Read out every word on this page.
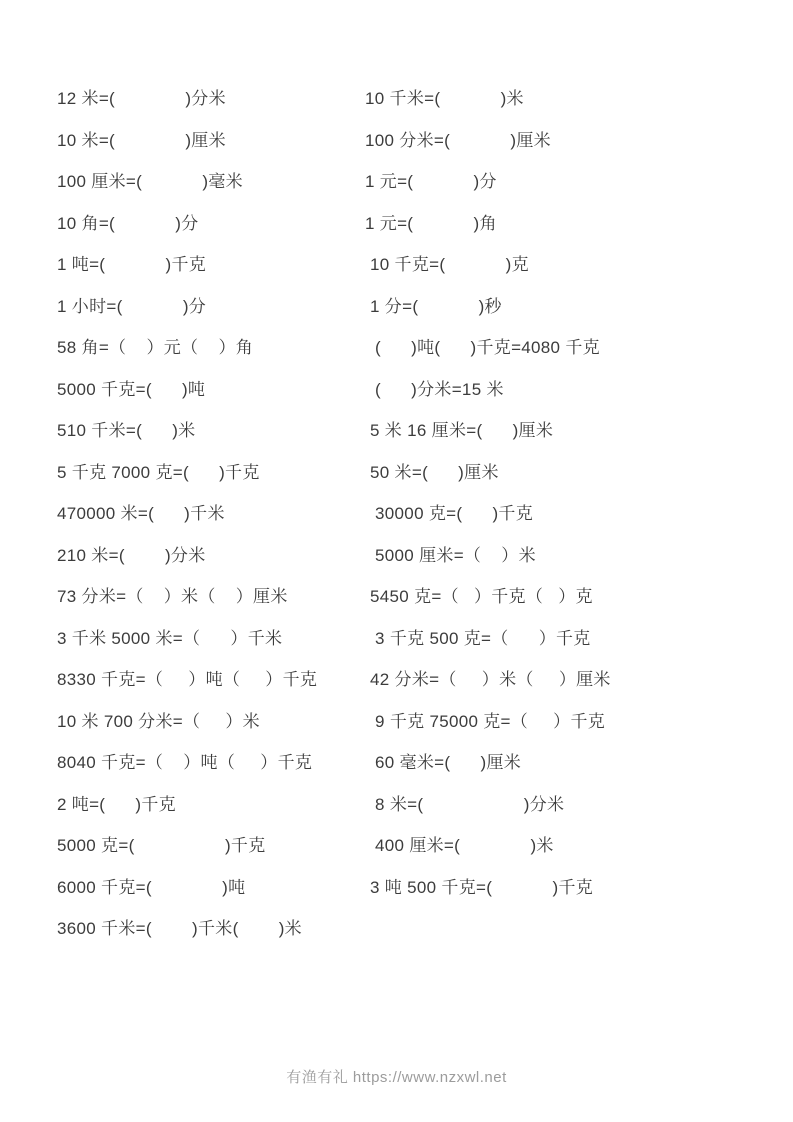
12 米=(              )分米	10 千米=(            )米
10 米=(              )厘米	100 分米=(            )厘米
100 厘米=(            )毫米	1 元=(            )分
10 角=(            )分	1 元=(            )角
1 吨=(            )千克	10 千克=(            )克
1 小时=(            )分	1 分=(            )秒
58 角=（    ）元（    ）角	(      )吨(      )千克=4080 千克
5000 千克=(      )吨	(      )分米=15 米
510 千米=(      )米	5 米 16 厘米=(      )厘米
5 千克 7000 克=(      )千克	50 米=(      )厘米
470000 米=(      )千米	30000 克=(      )千克
210 米=(        )分米	5000 厘米=（    ）米
73 分米=（    ）米（    ）厘米	5450 克=（   ）千克（   ）克
3 千米 5000 米=（      ）千米	3 千克 500 克=（      ）千克
8330 千克=（     ）吨（     ）千克	42 分米=（     ）米（     ）厘米
10 米 700 分米=（     ）米	9 千克 75000 克=（     ）千克
8040 千克=（    ）吨（     ）千克	60 毫米=(      )厘米
2 吨=(      )千克	8 米=(                    )分米
5000 克=(                  )千克	400 厘米=(              )米
6000 千克=(              )吨	3 吨 500 千克=(            )千克
3600 千米=(        )千米(        )米
有渔有礼 https://www.nzxwl.net
